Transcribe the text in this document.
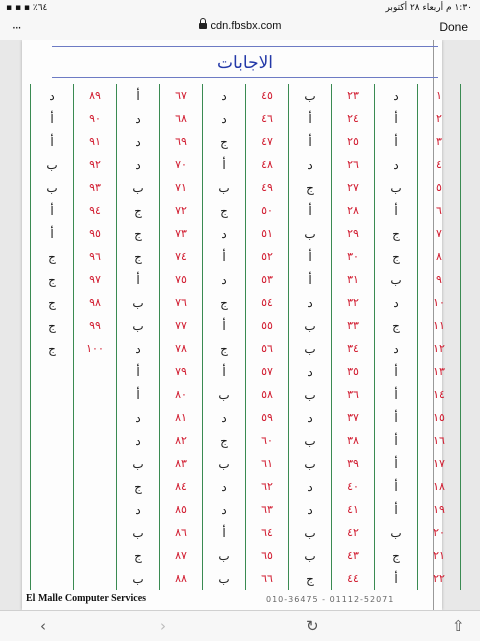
▪︎ ▪︎ ▪︎ ٪٦٤	١:٣٠ م أربعاء ٢٨ أكتوبر
···	cdn.fbsbx.com	Done
الاجابات
١	د	٢٣	ب	٤٥	د	٦٧	أ	٨٩	د
٢	أ	٢٤	أ	٤٦	د	٦٨	د	٩٠	أ
٣	أ	٢٥	أ	٤٧	ج	٦٩	د	٩١	أ
٤	د	٢٦	د	٤٨	أ	٧٠	د	٩٢	ب
٥	ب	٢٧	ج	٤٩	ب	٧١	ب	٩٣	ب
٦	أ	٢٨	أ	٥٠	ج	٧٢	ج	٩٤	أ
٧	ج	٢٩	ب	٥١	د	٧٣	ج	٩٥	أ
٨	ج	٣٠	أ	٥٢	أ	٧٤	ج	٩٦	ج
٩	ب	٣١	أ	٥٣	د	٧٥	أ	٩٧	ج
١٠	د	٣٢	د	٥٤	ج	٧٦	ب	٩٨	ج
١١	ج	٣٣	ب	٥٥	أ	٧٧	ب	٩٩	ج
١٢	د	٣٤	ب	٥٦	ج	٧٨	د	١٠٠	ج
١٣	أ	٣٥	د	٥٧	أ	٧٩	أ		
١٤	أ	٣٦	ب	٥٨	ب	٨٠	أ		
١٥	أ	٣٧	د	٥٩	د	٨١	د		
١٦	أ	٣٨	ب	٦٠	ج	٨٢	د		
١٧	أ	٣٩	ب	٦١	ب	٨٣	ب		
١٨	أ	٤٠	د	٦٢	د	٨٤	ج		
١٩	أ	٤١	د	٦٣	د	٨٥	د		
٢٠	ب	٤٢	ب	٦٤	أ	٨٦	ب		
٢١	ج	٤٣	ب	٦٥	ب	٨٧	ج		
٢٢	أ	٤٤	ج	٦٦	ب	٨٨	ب		
El Malle Computer Services	010-36475 - 01112-52071
‹	›	↻	⇧
